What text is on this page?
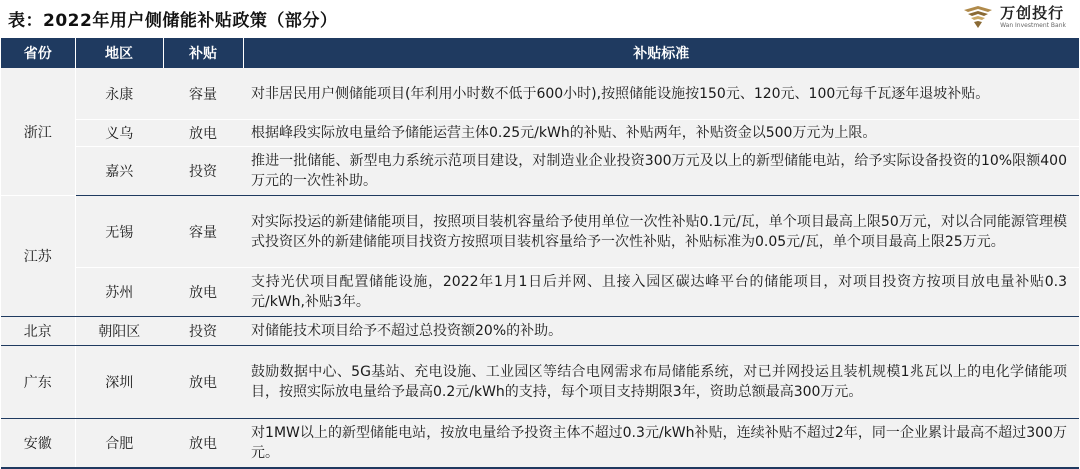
表：2022年用户侧储能补贴政策（部分）	万创投行
Wan Investment Bank
省份	地区	补贴	补贴标准
浙江	永康	容量	对非居民用户侧储能项目(年利用小时数不低于600小时),按照储能设施按150元、120元、100元每千瓦逐年退坡补贴。
	义乌	放电	根据峰段实际放电量给予储能运营主体0.25元/kWh的补贴、补贴两年，补贴资金以500万元为上限。
	嘉兴	投资	推进一批储能、新型电力系统示范项目建设，对制造业企业投资300万元及以上的新型储能电站，给予实际设备投资的10%限额400万元的一次性补助。
江苏	无锡	容量	对实际投运的新建储能项目，按照项目装机容量给予使用单位一次性补贴0.1元/瓦，单个项目最高上限50万元，对以合同能源管理模式投资区外的新建储能项目找资方按照项目装机容量给予一次性补贴，补贴标准为0.05元/瓦，单个项目最高上限25万元。
	苏州	放电	支持光伏项目配置储能设施，2022年1月1日后并网、且接入园区碳达峰平台的储能项目，对项目投资方按项目放电量补贴0.3元/kWh,补贴3年。
北京	朝阳区	投资	对储能技术项目给予不超过总投资额20%的补助。
广东	深圳	放电	鼓励数据中心、5G基站、充电设施、工业园区等结合电网需求布局储能系统，对已并网投运且装机规模1兆瓦以上的电化学储能项目，按照实际放电量给予最高0.2元/kWh的支持，每个项目支持期限3年，资助总额最高300万元。
安徽	合肥	放电	对1MW以上的新型储能电站，按放电量给予投资主体不超过0.3元/kWh补贴，连续补贴不超过2年，同一企业累计最高不超过300万元。
